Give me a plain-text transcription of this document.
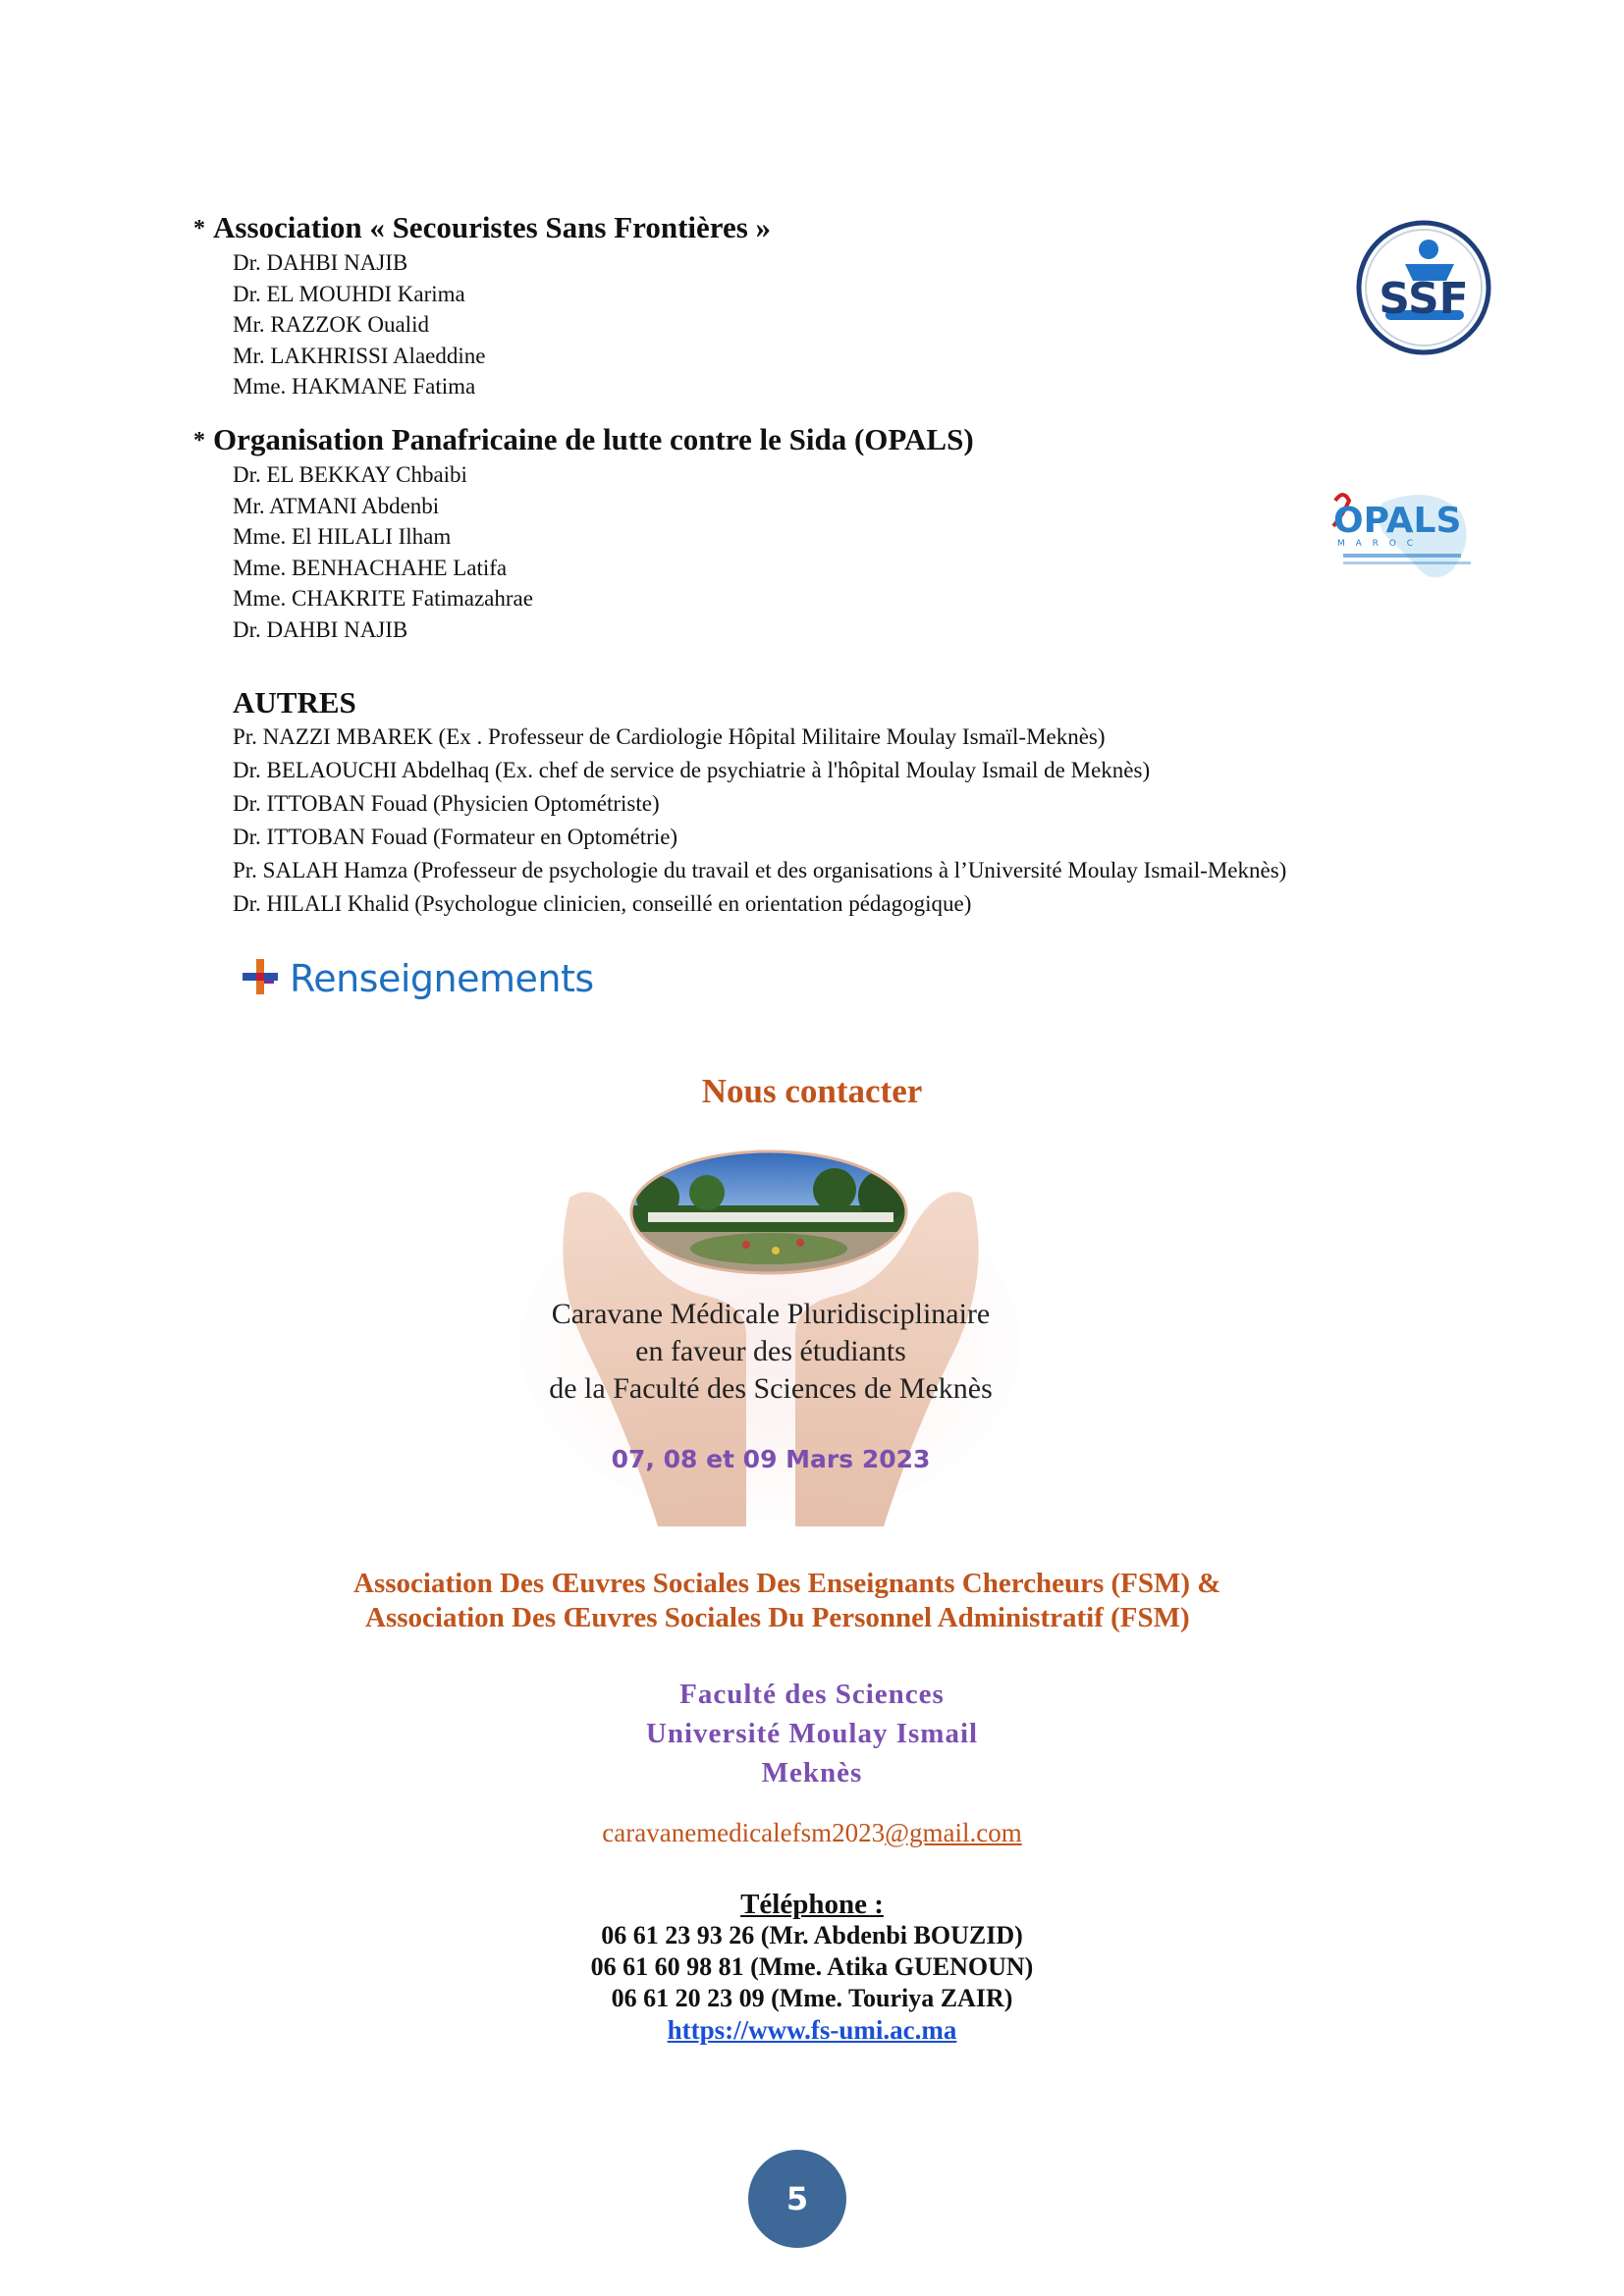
* Association « Secouristes Sans Frontières »
Dr. DAHBI NAJIB
Dr. EL MOUHDI Karima
Mr. RAZZOK Oualid
Mr. LAKHRISSI Alaeddine
Mme. HAKMANE Fatima
SSF
* Organisation Panafricaine de lutte contre le Sida (OPALS)
Dr. EL BEKKAY Chbaibi
Mr. ATMANI Abdenbi
Mme. El HILALI Ilham
Mme. BENHACHAHE Latifa
Mme. CHAKRITE Fatimazahrae
Dr. DAHBI NAJIB
OPALS
M A R O C
AUTRES
Pr. NAZZI MBAREK (Ex . Professeur de Cardiologie Hôpital Militaire Moulay Ismaïl-Meknès)
Dr. BELAOUCHI Abdelhaq (Ex. chef de service de psychiatrie à l'hôpital Moulay Ismail de Meknès)
Dr. ITTOBAN Fouad (Physicien Optométriste)
Dr. ITTOBAN Fouad (Formateur en Optométrie)
Pr. SALAH Hamza (Professeur de psychologie du travail et des organisations à l’Université Moulay Ismail-Meknès)
Dr. HILALI Khalid (Psychologue clinicien, conseillé en orientation pédagogique)
Renseignements
Nous contacter
Caravane Médicale Pluridisciplinaire
en faveur des étudiants
de la Faculté des Sciences de Meknès
07, 08 et 09 Mars 2023
Association Des Œuvres Sociales Des Enseignants Chercheurs (FSM) &
Association Des Œuvres Sociales Du Personnel Administratif (FSM)
Faculté des Sciences
Université Moulay Ismail
Meknès
caravanemedicalefsm2023@gmail.com
Téléphone :
06 61 23 93 26 (Mr. Abdenbi BOUZID)
06 61 60 98 81 (Mme. Atika GUENOUN)
06 61 20 23 09 (Mme. Touriya ZAIR)
https://www.fs-umi.ac.ma
5
